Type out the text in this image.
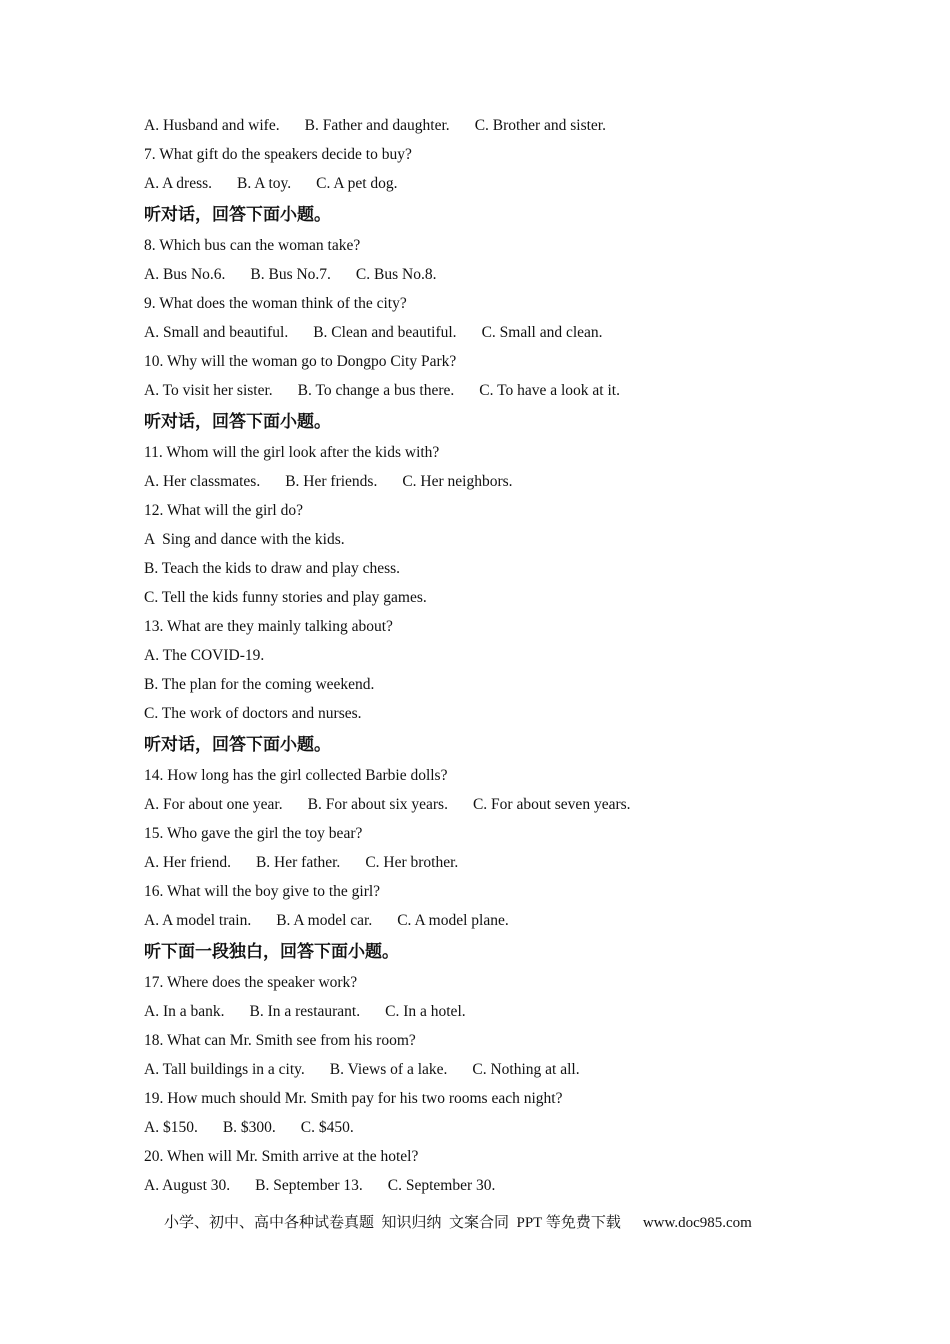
A. Husband and wife. B. Father and daughter. C. Brother and sister.
7. What gift do the speakers decide to buy?
A. A dress. B. A toy. C. A pet dog.
听对话，回答下面小题。
8. Which bus can the woman take?
A. Bus No.6. B. Bus No.7. C. Bus No.8.
9. What does the woman think of the city?
A. Small and beautiful. B. Clean and beautiful. C. Small and clean.
10. Why will the woman go to Dongpo City Park?
A. To visit her sister. B. To change a bus there. C. To have a look at it.
听对话，回答下面小题。
11. Whom will the girl look after the kids with?
A. Her classmates. B. Her friends. C. Her neighbors.
12. What will the girl do?
A  Sing and dance with the kids.
B. Teach the kids to draw and play chess.
C. Tell the kids funny stories and play games.
13. What are they mainly talking about?
A. The COVID-19.
B. The plan for the coming weekend.
C. The work of doctors and nurses.
听对话，回答下面小题。
14. How long has the girl collected Barbie dolls?
A. For about one year. B. For about six years. C. For about seven years.
15. Who gave the girl the toy bear?
A. Her friend. B. Her father. C. Her brother.
16. What will the boy give to the girl?
A. A model train. B. A model car. C. A model plane.
听下面一段独白，回答下面小题。
17. Where does the speaker work?
A. In a bank. B. In a restaurant. C. In a hotel.
18. What can Mr. Smith see from his room?
A. Tall buildings in a city. B. Views of a lake. C. Nothing at all.
19. How much should Mr. Smith pay for his two rooms each night?
A. $150. B. $300. C. $450.
20. When will Mr. Smith arrive at the hotel?
A. August 30. B. September 13. C. September 30.
小学、初中、高中各种试卷真题  知识归纳  文案合同  PPT 等免费下载 www.doc985.com
